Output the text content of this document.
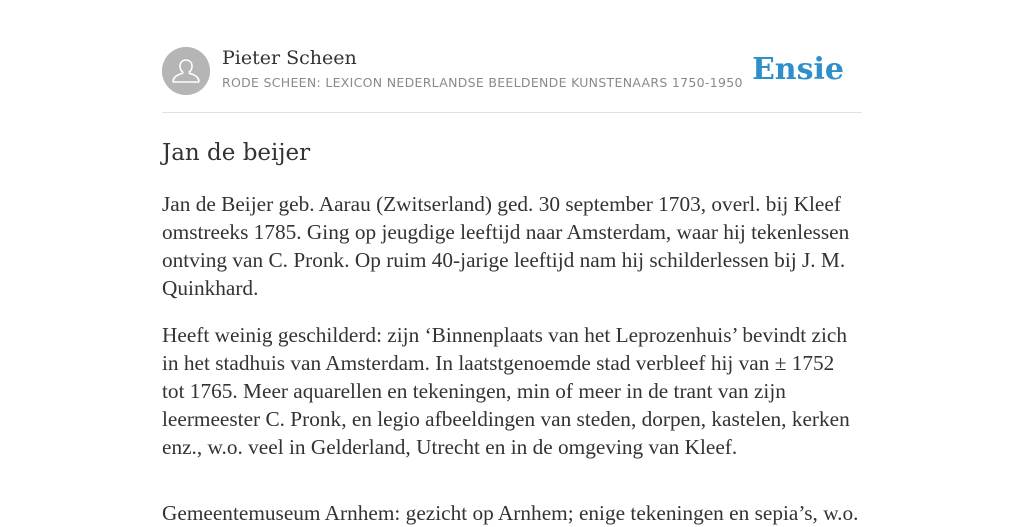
Pieter Scheen
RODE SCHEEN: LEXICON NEDERLANDSE BEELDENDE KUNSTENAARS 1750-1950 Ensie
Jan de beijer

Jan de Beijer geb. Aarau (Zwitserland) ged. 30 september 1703, overl. bij Kleef omstreeks 1785. Ging op jeugdige leeftijd naar Amsterdam, waar hij tekenlessen ontving van C. Pronk. Op ruim 40-jarige leeftijd nam hij schilderlessen bij J. M. Quinkhard.

Heeft weinig geschilderd: zijn ‘Binnenplaats van het Leprozenhuis’ bevindt zich in het stadhuis van Amsterdam. In laatstgenoemde stad verbleef hij van ± 1752 tot 1765. Meer aquarellen en tekeningen, min of meer in de trant van zijn leermeester C. Pronk, en legio afbeeldingen van steden, dorpen, kastelen, kerken enz., w.o. veel in Gelderland, Utrecht en in de omgeving van Kleef.

Gemeentemuseum Arnhem: gezicht op Arnhem; enige tekeningen en sepia’s, w.o.
